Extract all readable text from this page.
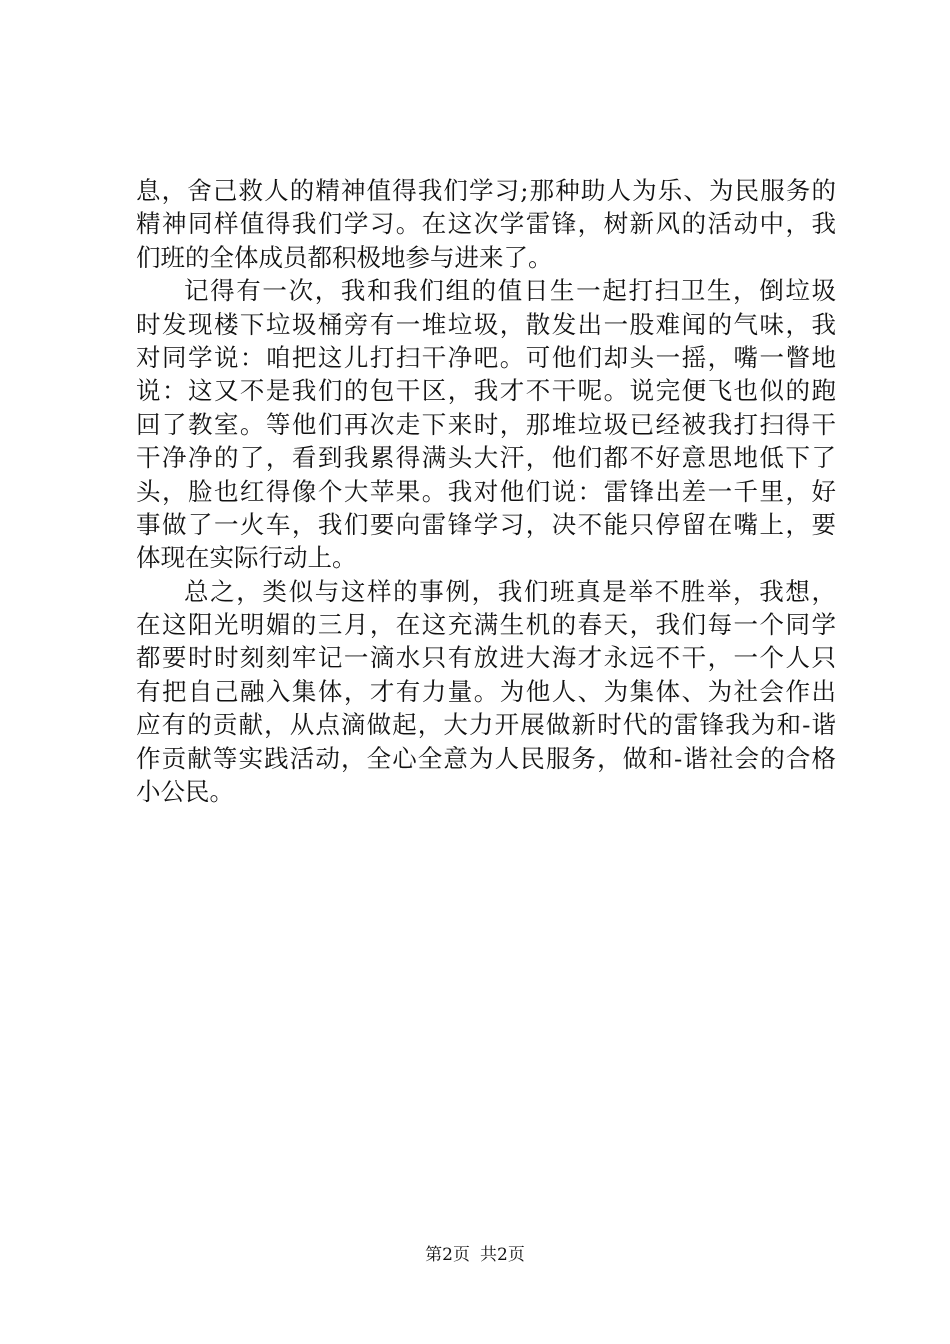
息，舍己救人的精神值得我们学习;那种助人为乐、为民服务的
精神同样值得我们学习。在这次学雷锋，树新风的活动中，我
们班的全体成员都积极地参与进来了。
记得有一次，我和我们组的值日生一起打扫卫生，倒垃圾
时发现楼下垃圾桶旁有一堆垃圾，散发出一股难闻的气味，我
对同学说：咱把这儿打扫干净吧。可他们却头一摇，嘴一瞥地
说：这又不是我们的包干区，我才不干呢。说完便飞也似的跑
回了教室。等他们再次走下来时，那堆垃圾已经被我打扫得干
干净净的了，看到我累得满头大汗，他们都不好意思地低下了
头，脸也红得像个大苹果。我对他们说：雷锋出差一千里，好
事做了一火车，我们要向雷锋学习，决不能只停留在嘴上，要
体现在实际行动上。
总之，类似与这样的事例，我们班真是举不胜举，我想，
在这阳光明媚的三月，在这充满生机的春天，我们每一个同学
都要时时刻刻牢记一滴水只有放进大海才永远不干，一个人只
有把自己融入集体，才有力量。为他人、为集体、为社会作出
应有的贡献，从点滴做起，大力开展做新时代的雷锋我为和-谐
作贡献等实践活动，全心全意为人民服务，做和-谐社会的合格
小公民。
第2页 共2页
